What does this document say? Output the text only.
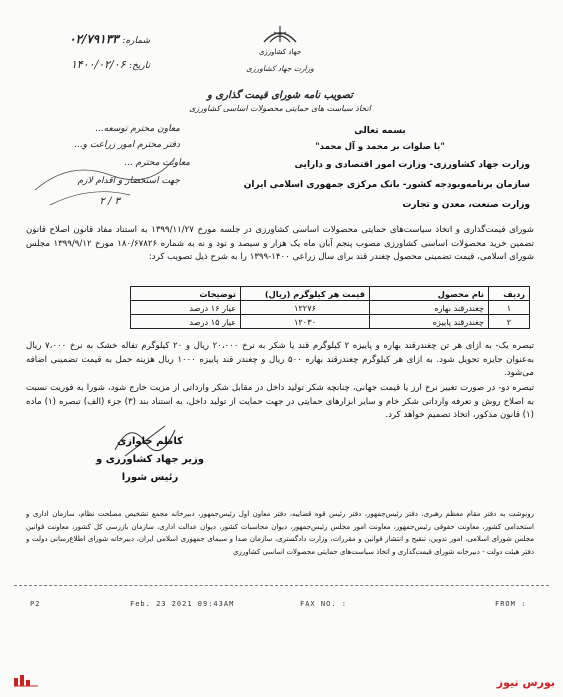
جهاد کشاورزی
وزارت جهاد کشاورزی
شماره: ۰۲/۷۹۱۳۳
تاریخ: ۱۴۰۰/۰۲/۰۶
تصویب نامه شورای قیمت گذاری و
اتخاذ سیاست های حمایتی محصولات اساسی کشاورزی
معاون محترم توسعه...
دفتر محترم امور زراعت و...
معاونت محترم ...
جهت استحضار و اقدام لازم
۳ / ۲
بسمه تعالی
"با صلوات بر محمد و آل محمد"
وزارت جهاد کشاورزی- وزارت امور اقتصادی و دارایی
سازمان برنامه‌وبودجه کشور- بانک مرکزی جمهوری اسلامی ایران
وزارت صنعت، معدن و تجارت
شورای قیمت‌گذاری و اتخاذ سیاست‌های حمایتی محصولات اساسی کشاورزی در جلسه مورخ ۱۳۹۹/۱۱/۲۷ به استناد مفاد قانون اصلاح قانون تضمین خرید محصولات اساسی کشاورزی مصوب پنجم آبان ماه یک هزار و سیصد و نود و نه به شماره ۱۸۰/۶۷۸۲۶ مورخ ۱۳۹۹/۹/۱۲ مجلس شورای اسلامی، قیمت تضمینی محصول چغندر قند برای سال زراعی ۱۴۰۰-۱۳۹۹ را به شرح ذیل تصویب کرد:
ردیف	نام محصول	قیمت هر کیلوگرم (ریال)	توضیحات
۱	چغندرقند بهاره	۱۲۲۷۶	عیار ۱۶ درصد
۲	چغندرقند پاییزه	۱۲۰۳۰	عیار ۱۵ درصد
تبصره یک- به ازای هر تن چغندرقند بهاره و پاییزه ۲ کیلوگرم قند یا شکر به نرخ ۲۰،۰۰۰ ریال و ۲۰ کیلوگرم تفاله خشک به نرخ ۷،۰۰۰ ریال به‌عنوان جایزه تحویل شود. به ازای هر کیلوگرم چغندرقند بهاره ۵۰۰ ریال و چغندر قند پاییزه ۱۰۰۰ ریال هزینه حمل به قیمت تضمینی اضافه می‌شود.
تبصره دو- در صورت تغییر نرخ ارز یا قیمت جهانی، چنانچه شکر تولید داخل در مقابل شکر وارداتی از مزیت خارج شود، شورا به فوریت نسبت به اصلاح روش و تعرفه وارداتی شکر خام و سایر ابزارهای حمایتی در جهت حمایت از تولید داخل، به استناد بند (۳) جزء (الف) تبصره (۱) ماده (۱) قانون مذکور، اتخاذ تصمیم خواهد کرد.
کاظم خاوازی
وزیر جهاد کشاورزی و
رئیس شورا
رونوشت به دفتر مقام معظم رهبری، دفتر رئیس‌جمهور، دفتر رئیس قوه قضاییه، دفتر معاون اول رئیس‌جمهور، دبیرخانه مجمع تشخیص مصلحت نظام، سازمان اداری و استخدامی کشور، معاونت حقوقی رئیس‌جمهور، معاونت امور مجلس رئیس‌جمهور، دیوان محاسبات کشور، دیوان عدالت اداری، سازمان بازرسی کل کشور، معاونت قوانین مجلس شورای اسلامی، امور تدوین، تنقیح و انتشار قوانین و مقررات، وزارت دادگستری، سازمان صدا و سیمای جمهوری اسلامی ایران، دبیرخانه شورای اطلاع‌رسانی دولت و دفتر هیئت دولت - دبیرخانه شورای قیمت‌گذاری و اتخاذ سیاست‌های حمایتی محصولات اساسی کشاورزی
P2	Feb. 23 2021 09:43AM	FAX NO. :	FROM :
بورس نیوز
